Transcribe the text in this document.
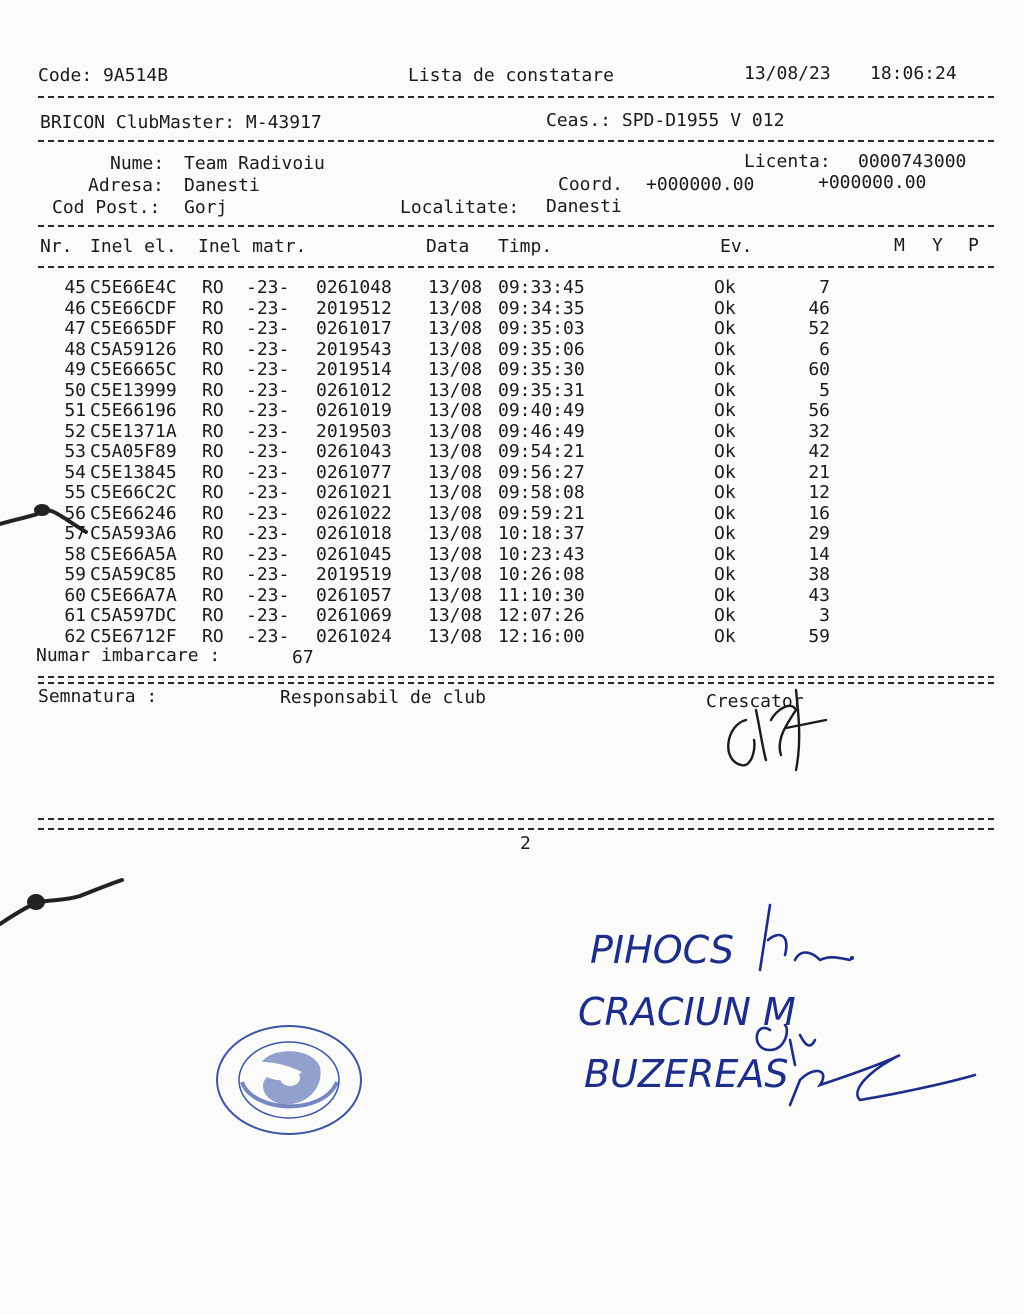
Code: 9A514B	Lista de constatare	13/08/23 18:06:24
BRICON ClubMaster: M-43917	Ceas.: SPD-D1955 V 012
Nume: Team Radivoiu	Licenta: 0000743000
Adresa: Danesti	Coord. +000000.00	+000000.00
Cod Post.: Gorj	Localitate: Danesti
Nr. Inel el. Inel matr.	Data Timp.	Ev.	M Y P
45	C5E66E4C	RO	-23-	0261048	13/08	09:33:45	Ok	7
46	C5E66CDF	RO	-23-	2019512	13/08	09:34:35	Ok	46
47	C5E665DF	RO	-23-	0261017	13/08	09:35:03	Ok	52
48	C5A59126	RO	-23-	2019543	13/08	09:35:06	Ok	6
49	C5E6665C	RO	-23-	2019514	13/08	09:35:30	Ok	60
50	C5E13999	RO	-23-	0261012	13/08	09:35:31	Ok	5
51	C5E66196	RO	-23-	0261019	13/08	09:40:49	Ok	56
52	C5E1371A	RO	-23-	2019503	13/08	09:46:49	Ok	32
53	C5A05F89	RO	-23-	0261043	13/08	09:54:21	Ok	42
54	C5E13845	RO	-23-	0261077	13/08	09:56:27	Ok	21
55	C5E66C2C	RO	-23-	0261021	13/08	09:58:08	Ok	12
56	C5E66246	RO	-23-	0261022	13/08	09:59:21	Ok	16
57	C5A593A6	RO	-23-	0261018	13/08	10:18:37	Ok	29
58	C5E66A5A	RO	-23-	0261045	13/08	10:23:43	Ok	14
59	C5A59C85	RO	-23-	2019519	13/08	10:26:08	Ok	38
60	C5E66A7A	RO	-23-	0261057	13/08	11:10:30	Ok	43
61	C5A597DC	RO	-23-	0261069	13/08	12:07:26	Ok	3
62	C5E6712F	RO	-23-	0261024	13/08	12:16:00	Ok	59
Numar imbarcare :	67
Semnatura :	Responsabil de club	Crescator
2
PIHOCS
CRACIUN M
BUZEREAS
